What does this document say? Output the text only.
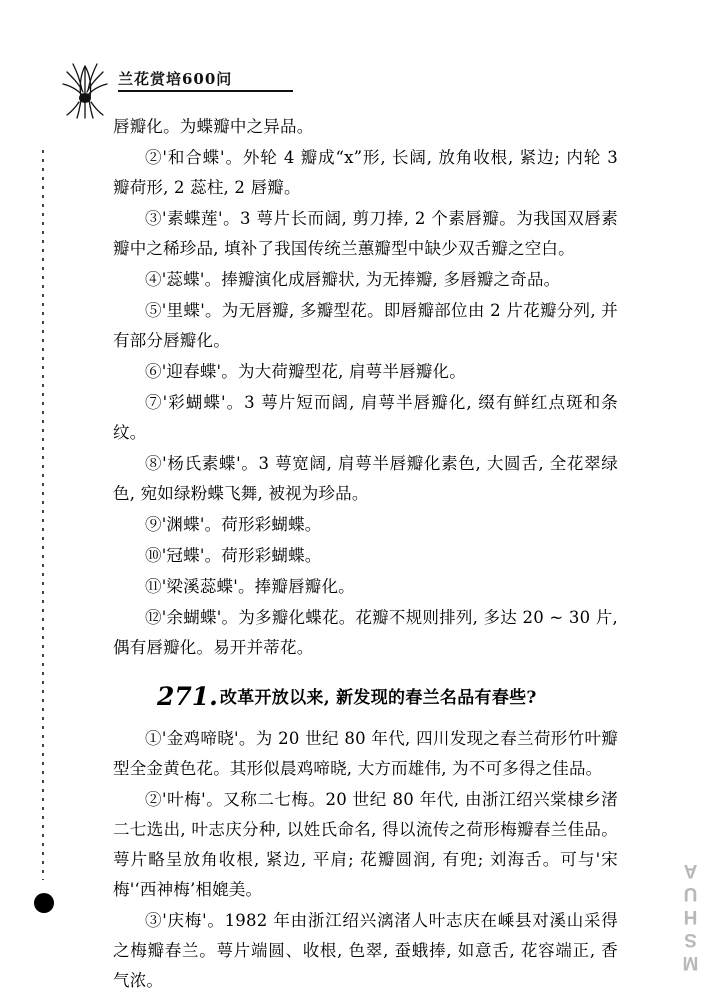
兰花赏培600问

唇瓣化。为蝶瓣中之异品。

②'和合蝶'。外轮 4 瓣成“x”形, 长阔, 放角收根, 紧边; 内轮 3 瓣荷形, 2 蕊柱, 2 唇瓣。

③'素蝶莲'。3 萼片长而阔, 剪刀捧, 2 个素唇瓣。为我国双唇素瓣中之稀珍品, 填补了我国传统兰蕙瓣型中缺少双舌瓣之空白。

④'蕊蝶'。捧瓣演化成唇瓣状, 为无捧瓣, 多唇瓣之奇品。

⑤'里蝶'。为无唇瓣, 多瓣型花。即唇瓣部位由 2 片花瓣分列, 并有部分唇瓣化。

⑥'迎春蝶'。为大荷瓣型花, 肩萼半唇瓣化。

⑦'彩蝴蝶'。3 萼片短而阔, 肩萼半唇瓣化, 缀有鲜红点斑和条纹。

⑧'杨氏素蝶'。3 萼宽阔, 肩萼半唇瓣化素色, 大圆舌, 全花翠绿色, 宛如绿粉蝶飞舞, 被视为珍品。

⑨'渊蝶'。荷形彩蝴蝶。

⑩'冠蝶'。荷形彩蝴蝶。

⑪'梁溪蕊蝶'。捧瓣唇瓣化。

⑫'余蝴蝶'。为多瓣化蝶花。花瓣不规则排列, 多达 20 ~ 30 片, 偶有唇瓣化。易开并蒂花。

271. 改革开放以来, 新发现的春兰名品有春些?

①'金鸡啼晓'。为 20 世纪 80 年代, 四川发现之春兰荷形竹叶瓣型全金黄色花。其形似晨鸡啼晓, 大方而雄伟, 为不可多得之佳品。

②'叶梅'。又称二七梅。20 世纪 80 年代, 由浙江绍兴棠棣乡渚二七选出, 叶志庆分种, 以姓氏命名, 得以流传之荷形梅瓣春兰佳品。萼片略呈放角收根, 紧边, 平肩; 花瓣圆润, 有兜; 刘海舌。可与'宋梅'‘西神梅’相媲美。

③'庆梅'。1982 年由浙江绍兴漓渚人叶志庆在嵊县对溪山采得之梅瓣春兰。萼片端圆、收根, 色翠, 蚕蛾捧, 如意舌, 花容端正, 香气浓。

MSHUA
